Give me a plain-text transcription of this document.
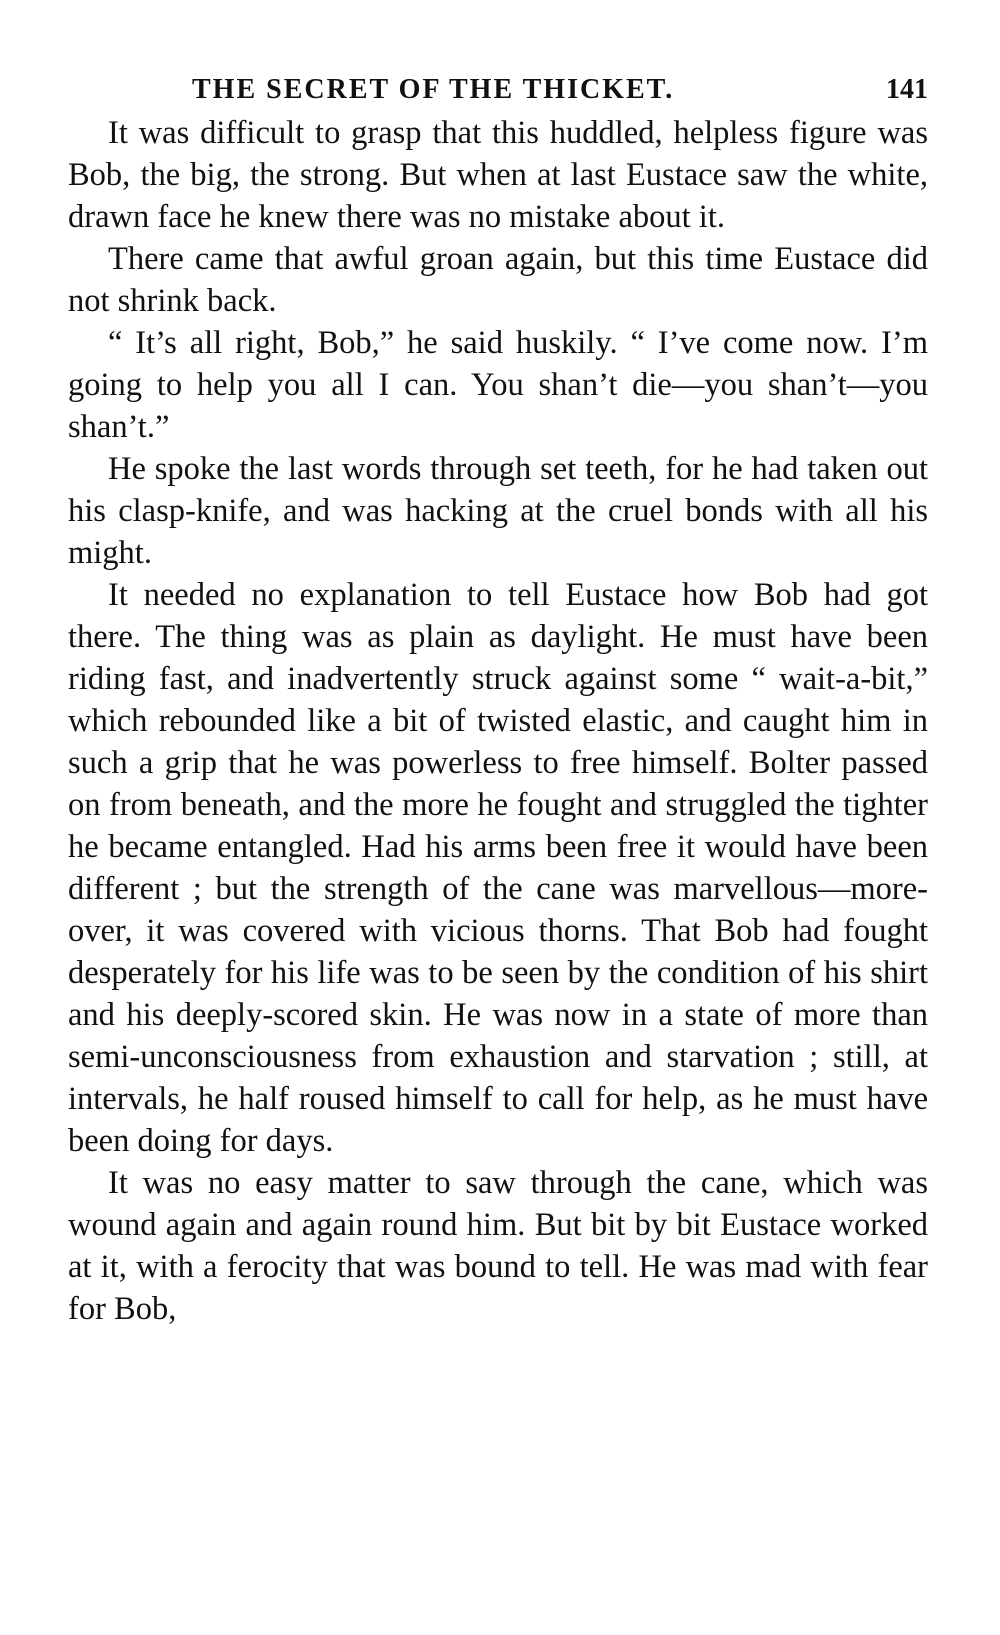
THE SECRET OF THE THICKET.	141

It was difficult to grasp that this huddled, helpless figure was Bob, the big, the strong. But when at last Eustace saw the white, drawn face he knew there was no mistake about it.

There came that awful groan again, but this time Eustace did not shrink back.

“ It’s all right, Bob,” he said huskily. “ I’ve come now. I’m going to help you all I can. You shan’t die—you shan’t—you shan’t.”

He spoke the last words through set teeth, for he had taken out his clasp-knife, and was hacking at the cruel bonds with all his might.

It needed no explanation to tell Eustace how Bob had got there. The thing was as plain as daylight. He must have been riding fast, and inadvertently struck against some “ wait-a-bit,” which rebounded like a bit of twisted elastic, and caught him in such a grip that he was powerless to free himself. Bolter passed on from beneath, and the more he fought and struggled the tighter he became entangled. Had his arms been free it would have been different ; but the strength of the cane was marvellous—more-over, it was covered with vicious thorns. That Bob had fought desperately for his life was to be seen by the condition of his shirt and his deeply-scored skin. He was now in a state of more than semi-unconsciousness from exhaustion and starvation ; still, at intervals, he half roused himself to call for help, as he must have been doing for days.

It was no easy matter to saw through the cane, which was wound again and again round him. But bit by bit Eustace worked at it, with a ferocity that was bound to tell. He was mad with fear for Bob,
